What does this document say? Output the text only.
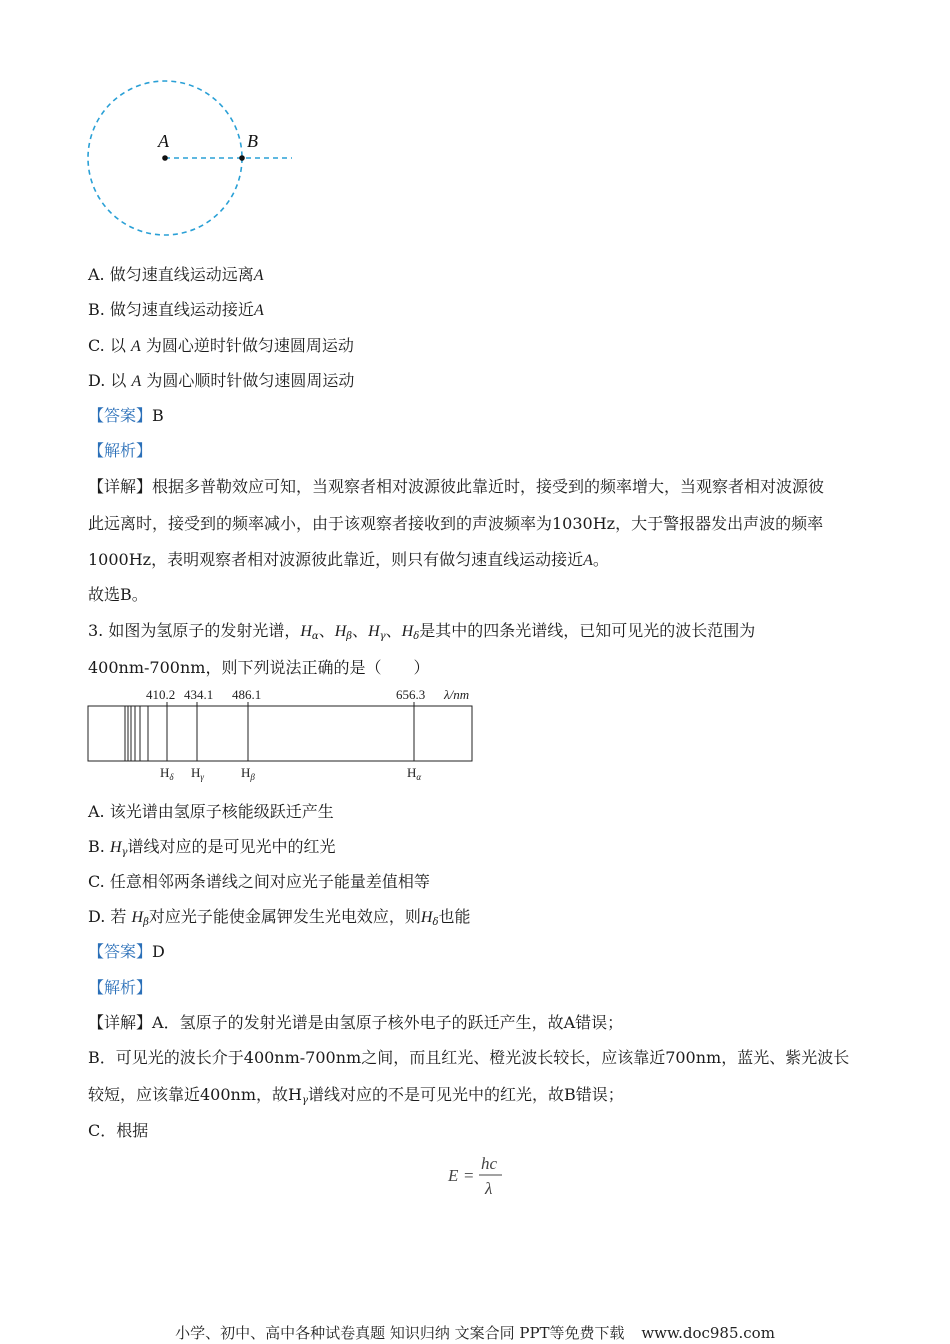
A	B
A. 做匀速直线运动远离A
B. 做匀速直线运动接近A
C. 以 A 为圆心逆时针做匀速圆周运动
D. 以 A 为圆心顺时针做匀速圆周运动
【答案】B
【解析】
【详解】根据多普勒效应可知，当观察者相对波源彼此靠近时，接受到的频率增大，当观察者相对波源彼
此远离时，接受到的频率减小，由于该观察者接收到的声波频率为1030Hz，大于警报器发出声波的频率
1000Hz，表明观察者相对波源彼此靠近，则只有做匀速直线运动接近A。
故选B。
3. 如图为氢原子的发射光谱，$H_\alpha$、$H_\beta$、$H_\gamma$、$H_\delta$是其中的四条光谱线，已知可见光的波长范围为
400nm-700nm，则下列说法正确的是（　　）
410.2 434.1 486.1	656.3 λ/nm
$H_\delta$ $H_\gamma$	$H_\beta$	$H_\alpha$
A. 该光谱由氢原子核能级跃迁产生
B. $H_\gamma$谱线对应的是可见光中的红光
C. 任意相邻两条谱线之间对应光子能量差值相等
D. 若 $H_\beta$对应光子能使金属钾发生光电效应，则$H_\delta$也能
【答案】D
【解析】
【详解】A．氢原子的发射光谱是由氢原子核外电子的跃迁产生，故A错误；
B．可见光的波长介于400nm-700nm之间，而且红光、橙光波长较长，应该靠近700nm，蓝光、紫光波长
较短，应该靠近400nm，故$H_\gamma$谱线对应的不是可见光中的红光，故B错误；
C．根据
E =
hc
λ
小学、初中、高中各种试卷真题 知识归纳 文案合同 PPT等免费下载 www.doc985.com
